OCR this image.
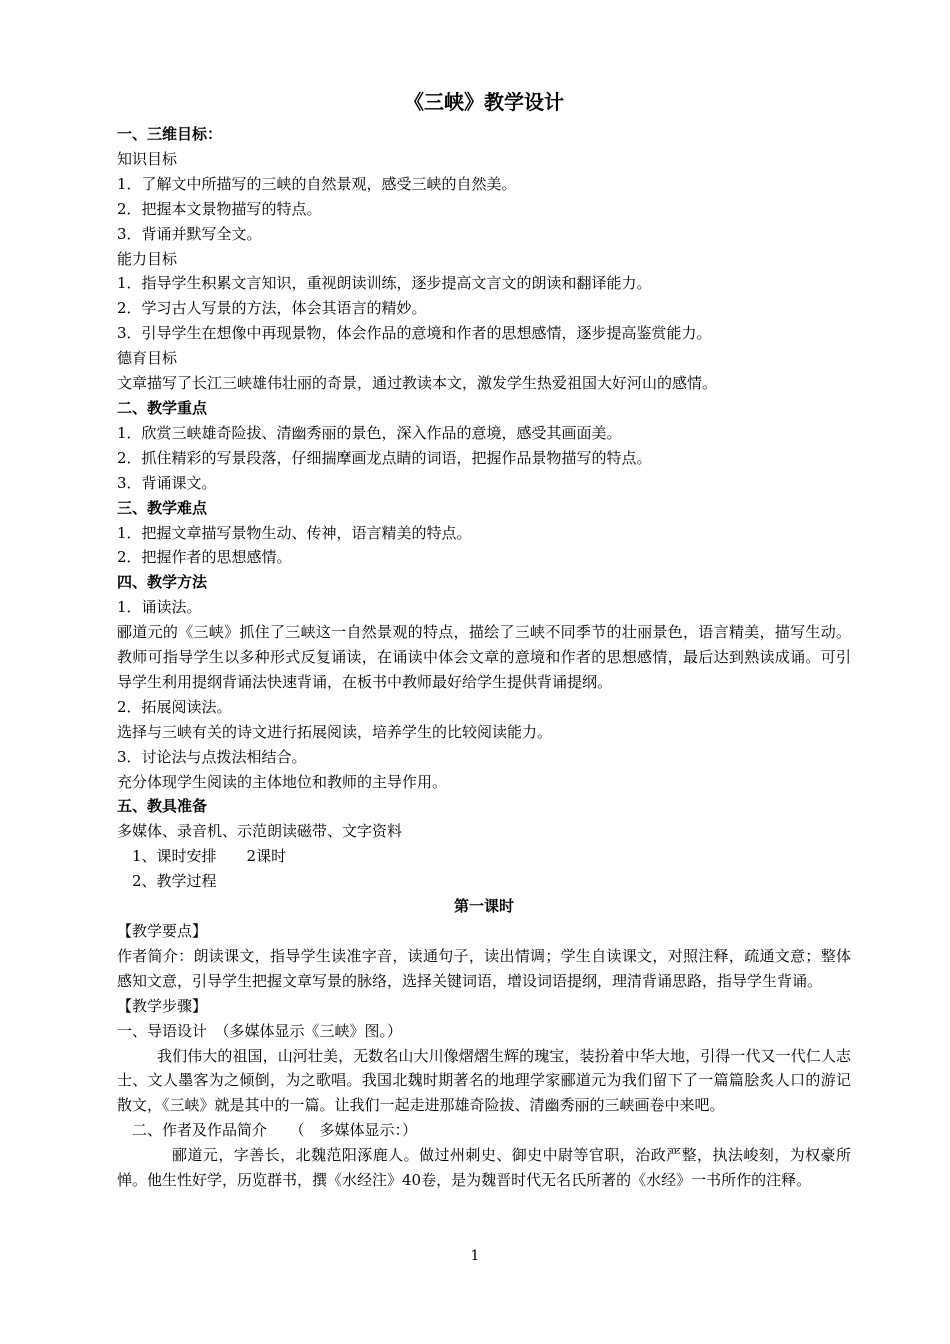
《三峡》教学设计

一、三维目标：

知识目标

1．了解文中所描写的三峡的自然景观，感受三峡的自然美。

2．把握本文景物描写的特点。

3．背诵并默写全文。

能力目标

1．指导学生积累文言知识，重视朗读训练，逐步提高文言文的朗读和翻译能力。

2．学习古人写景的方法，体会其语言的精妙。

3．引导学生在想像中再现景物，体会作品的意境和作者的思想感情，逐步提高鉴赏能力。

德育目标

文章描写了长江三峡雄伟壮丽的奇景，通过教读本文，激发学生热爱祖国大好河山的感情。

二、教学重点

1．欣赏三峡雄奇险拔、清幽秀丽的景色，深入作品的意境，感受其画面美。

2．抓住精彩的写景段落，仔细揣摩画龙点睛的词语，把握作品景物描写的特点。

3．背诵课文。

三、教学难点

1．把握文章描写景物生动、传神，语言精美的特点。

2．把握作者的思想感情。

四、教学方法

1．诵读法。

郦道元的《三峡》抓住了三峡这一自然景观的特点，描绘了三峡不同季节的壮丽景色，语言精美，描写生动。教师可指导学生以多种形式反复诵读，在诵读中体会文章的意境和作者的思想感情，最后达到熟读成诵。可引导学生利用提纲背诵法快速背诵，在板书中教师最好给学生提供背诵提纲。

2．拓展阅读法。

选择与三峡有关的诗文进行拓展阅读，培养学生的比较阅读能力。

3．讨论法与点拨法相结合。

充分体现学生阅读的主体地位和教师的主导作用。

五、教具准备

多媒体、录音机、示范朗读磁带、文字资料

1、课时安排　　2课时

2、教学过程

第一课时

【教学要点】

作者简介：朗读课文，指导学生读准字音，读通句子，读出情调；学生自读课文，对照注释，疏通文意；整体感知文意，引导学生把握文章写景的脉络，选择关键词语，增设词语提纲，理清背诵思路，指导学生背诵。

【教学步骤】

一、导语设计　（多媒体显示《三峡》图。）

我们伟大的祖国，山河壮美，无数名山大川像熠熠生辉的瑰宝，装扮着中华大地，引得一代又一代仁人志士、文人墨客为之倾倒，为之歌唱。我国北魏时期著名的地理学家郦道元为我们留下了一篇篇脍炙人口的游记散文，《三峡》就是其中的一篇。让我们一起走进那雄奇险拔、清幽秀丽的三峡画卷中来吧。

二、作者及作品简介　　（　多媒体显示：）

郦道元，字善长，北魏范阳涿鹿人。做过州刺史、御史中尉等官职，治政严整，执法峻刻，为权豪所惮。他生性好学，历览群书，撰《水经注》40卷，是为魏晋时代无名氏所著的《水经》一书所作的注释。

1
